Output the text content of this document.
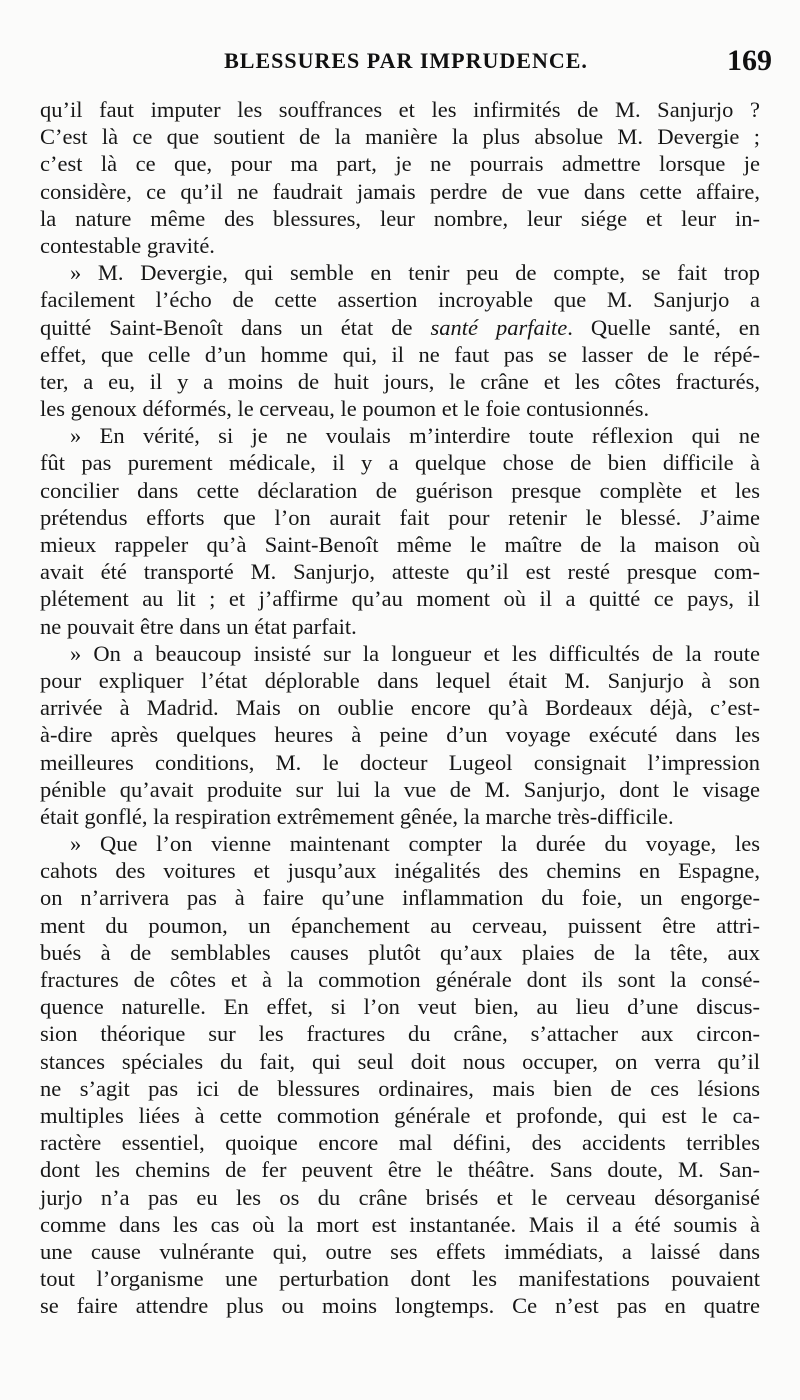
BLESSURES PAR IMPRUDENCE.	169
qu’il faut imputer les souffrances et les infirmités de M. Sanjurjo ?
C’est là ce que soutient de la manière la plus absolue M. Devergie ;
c’est là ce que, pour ma part, je ne pourrais admettre lorsque je
considère, ce qu’il ne faudrait jamais perdre de vue dans cette affaire,
la nature même des blessures, leur nombre, leur siége et leur in-
contestable gravité.
» M. Devergie, qui semble en tenir peu de compte, se fait trop
facilement l’écho de cette assertion incroyable que M. Sanjurjo a
quitté Saint-Benoît dans un état de santé parfaite. Quelle santé, en
effet, que celle d’un homme qui, il ne faut pas se lasser de le répé-
ter, a eu, il y a moins de huit jours, le crâne et les côtes fracturés,
les genoux déformés, le cerveau, le poumon et le foie contusionnés.
» En vérité, si je ne voulais m’interdire toute réflexion qui ne
fût pas purement médicale, il y a quelque chose de bien difficile à
concilier dans cette déclaration de guérison presque complète et les
prétendus efforts que l’on aurait fait pour retenir le blessé. J’aime
mieux rappeler qu’à Saint-Benoît même le maître de la maison où
avait été transporté M. Sanjurjo, atteste qu’il est resté presque com-
plétement au lit ; et j’affirme qu’au moment où il a quitté ce pays, il
ne pouvait être dans un état parfait.
» On a beaucoup insisté sur la longueur et les difficultés de la route
pour expliquer l’état déplorable dans lequel était M. Sanjurjo à son
arrivée à Madrid. Mais on oublie encore qu’à Bordeaux déjà, c’est-
à-dire après quelques heures à peine d’un voyage exécuté dans les
meilleures conditions, M. le docteur Lugeol consignait l’impression
pénible qu’avait produite sur lui la vue de M. Sanjurjo, dont le visage
était gonflé, la respiration extrêmement gênée, la marche très-difficile.
» Que l’on vienne maintenant compter la durée du voyage, les
cahots des voitures et jusqu’aux inégalités des chemins en Espagne,
on n’arrivera pas à faire qu’une inflammation du foie, un engorge-
ment du poumon, un épanchement au cerveau, puissent être attri-
bués à de semblables causes plutôt qu’aux plaies de la tête, aux
fractures de côtes et à la commotion générale dont ils sont la consé-
quence naturelle. En effet, si l’on veut bien, au lieu d’une discus-
sion théorique sur les fractures du crâne, s’attacher aux circon-
stances spéciales du fait, qui seul doit nous occuper, on verra qu’il
ne s’agit pas ici de blessures ordinaires, mais bien de ces lésions
multiples liées à cette commotion générale et profonde, qui est le ca-
ractère essentiel, quoique encore mal défini, des accidents terribles
dont les chemins de fer peuvent être le théâtre. Sans doute, M. San-
jurjo n’a pas eu les os du crâne brisés et le cerveau désorganisé
comme dans les cas où la mort est instantanée. Mais il a été soumis à
une cause vulnérante qui, outre ses effets immédiats, a laissé dans
tout l’organisme une perturbation dont les manifestations pouvaient
se faire attendre plus ou moins longtemps. Ce n’est pas en quatre
